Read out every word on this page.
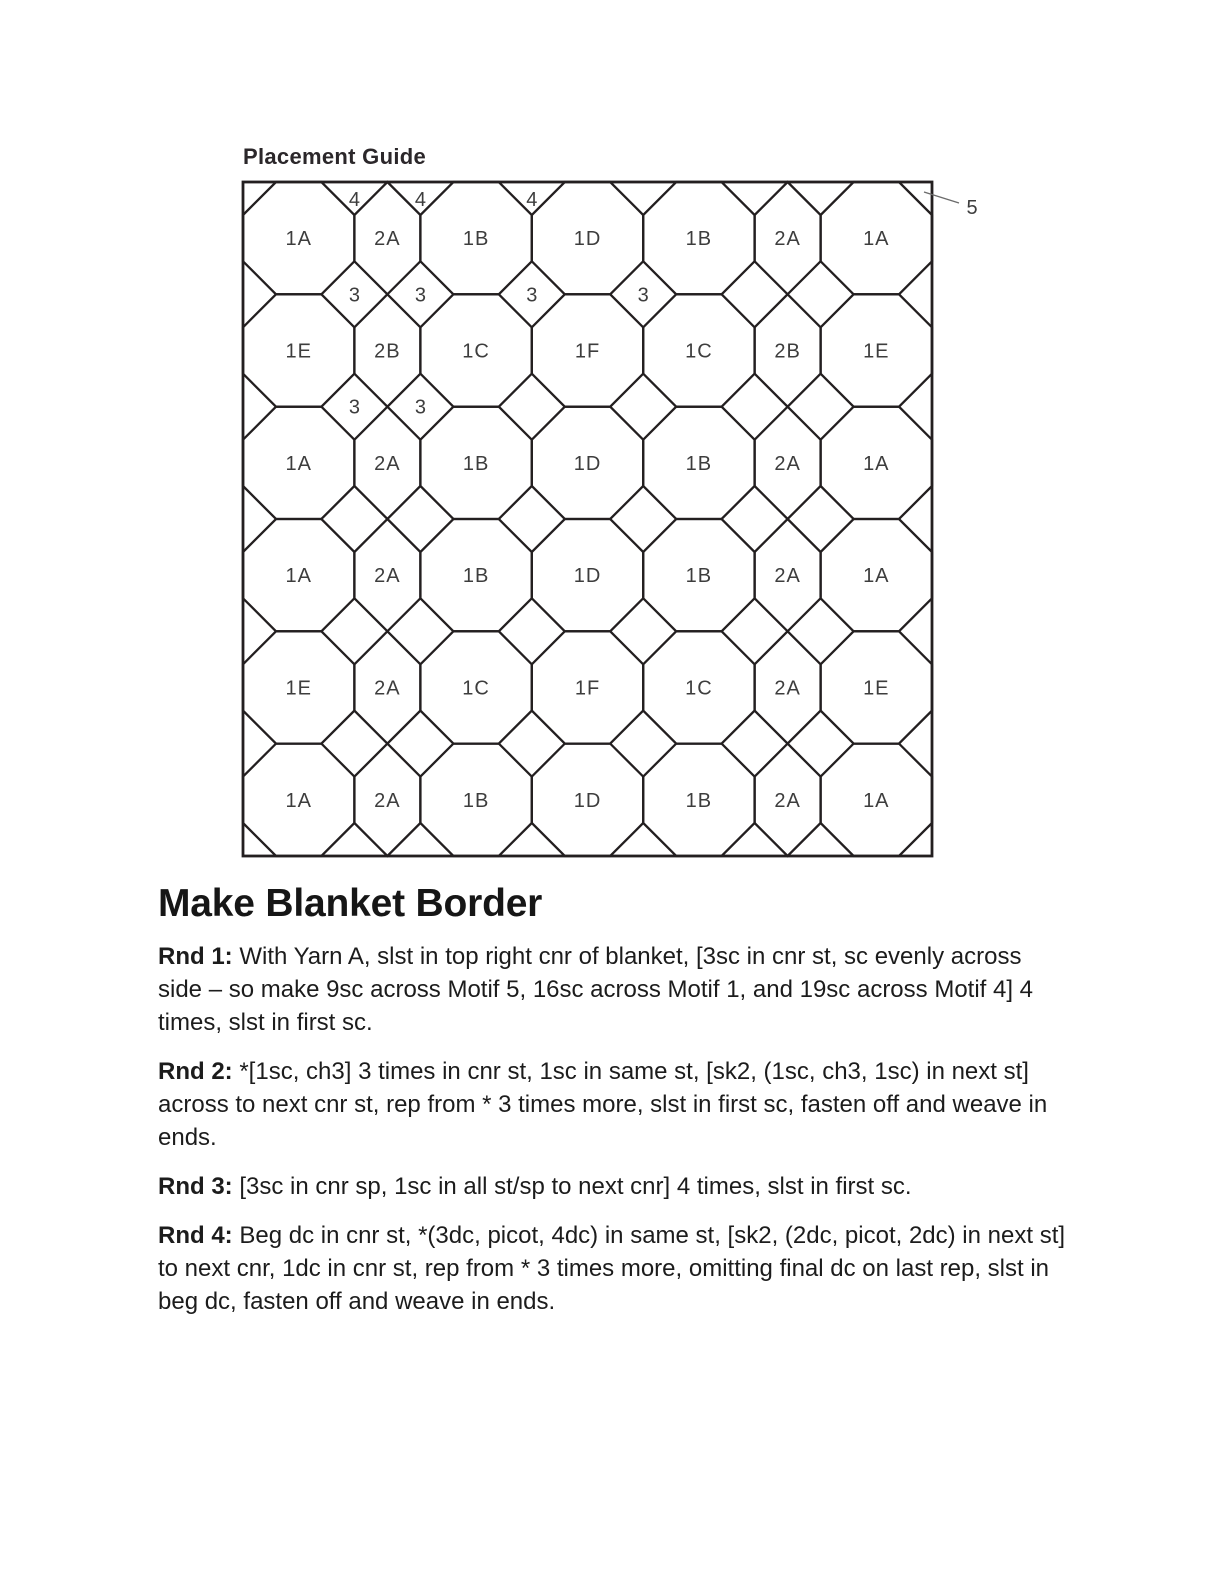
Placement Guide
1A	2A	1B	1D	1B	2A	1A
1E	2B	1C	1F	1C	2B	1E
1A	2A	1B	1D	1B	2A	1A
1A	2A	1B	1D	1B	2A	1A
1E	2A	1C	1F	1C	2A	1E
1A	2A	1B	1D	1B	2A	1A
4	4	4
3	3	3	3
3	3
5
Make Blanket Border

Rnd 1: With Yarn A, slst in top right cnr of blanket, [3sc in cnr st, sc evenly across side – so make 9sc across Motif 5, 16sc across Motif 1, and 19sc across Motif 4] 4 times, slst in first sc.

Rnd 2: *[1sc, ch3] 3 times in cnr st, 1sc in same st, [sk2, (1sc, ch3, 1sc) in next st] across to next cnr st, rep from * 3 times more, slst in first sc, fasten off and weave in ends.

Rnd 3: [3sc in cnr sp, 1sc in all st/sp to next cnr] 4 times, slst in first sc.

Rnd 4: Beg dc in cnr st, *(3dc, picot, 4dc) in same st, [sk2, (2dc, picot, 2dc) in next st] to next cnr, 1dc in cnr st, rep from * 3 times more, omitting final dc on last rep, slst in beg dc, fasten off and weave in ends.
